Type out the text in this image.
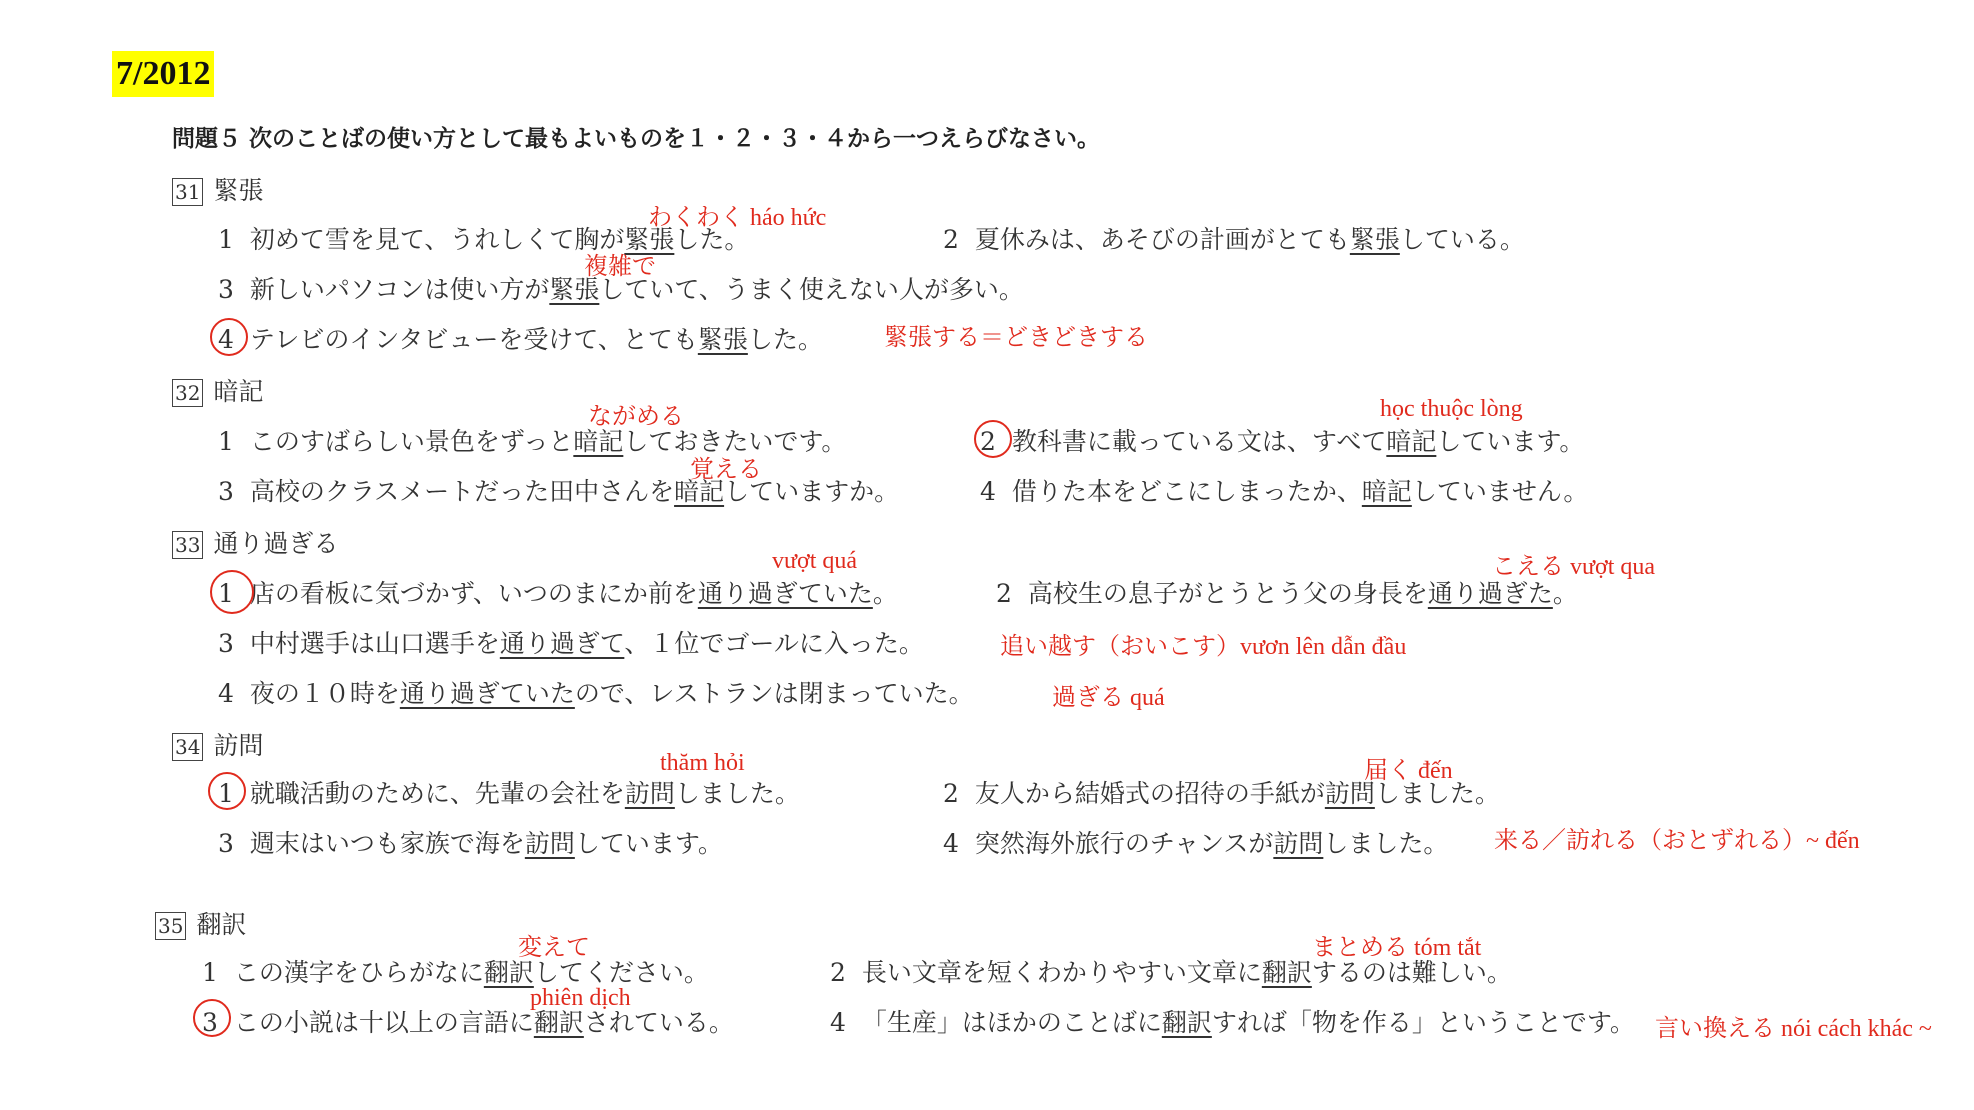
7/2012
問題５ 次のことばの使い方として最もよいものを１・２・３・４から一つえらびなさい。
31 緊張
32 暗記
33 通り過ぎる
34 訪問
35 翻訳
1 初めて雪を見て、うれしくて胸が緊張した。	2 夏休みは、あそびの計画がとても緊張している。
3 新しいパソコンは使い方が緊張していて、うまく使えない人が多い。
4 テレビのインタビューを受けて、とても緊張した。
1 このすばらしい景色をずっと暗記しておきたいです。	2 教科書に載っている文は、すべて暗記しています。
3 高校のクラスメートだった田中さんを暗記していますか。	4 借りた本をどこにしまったか、暗記していません。
1 店の看板に気づかず、いつのまにか前を通り過ぎていた。	2 高校生の息子がとうとう父の身長を通り過ぎた。
3 中村選手は山口選手を通り過ぎて、１位でゴールに入った。
4 夜の１０時を通り過ぎていたので、レストランは閉まっていた。
1 就職活動のために、先輩の会社を訪問しました。	2 友人から結婚式の招待の手紙が訪問しました。
3 週末はいつも家族で海を訪問しています。	4 突然海外旅行のチャンスが訪問しました。
1 この漢字をひらがなに翻訳してください。	2 長い文章を短くわかりやすい文章に翻訳するのは難しい。
3 この小説は十以上の言語に翻訳されている。	4 「生産」はほかのことばに翻訳すれば「物を作る」ということです。
わくわく háo hức
複雑で
緊張する＝どきどきする
ながめる	học thuộc lòng
覚える
vượt quá	こえる vượt qua
追い越す（おいこす）vươn lên dẫn đầu
過ぎる quá
thăm hỏi	届く đến
来る／訪れる（おとずれる）~ đến
変えて	まとめる tóm tắt
phiên dịch
言い換える nói cách khác ~
